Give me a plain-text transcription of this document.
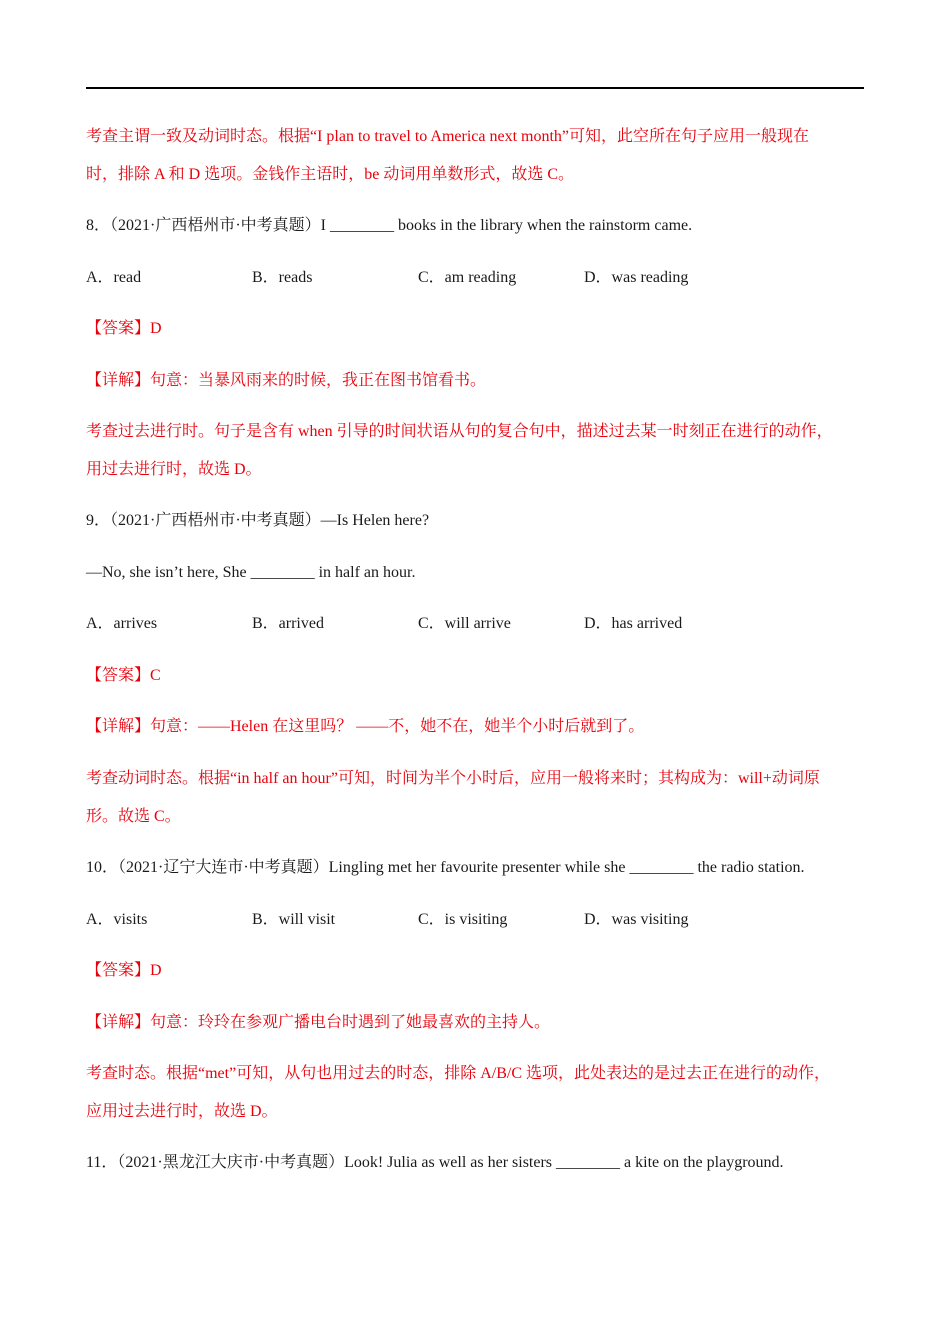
考查主谓一致及动词时态。根据“I plan to travel to America next month”可知，此空所在句子应用一般现在
时，排除 A 和 D 选项。金钱作主语时，be 动词用单数形式，故选 C。
8．（2021·广西梧州市·中考真题）I ________ books in the library when the rainstorm came.
A．read	B．reads	C．am reading	D．was reading
【答案】D
【详解】句意：当暴风雨来的时候，我正在图书馆看书。
考查过去进行时。句子是含有 when 引导的时间状语从句的复合句中，描述过去某一时刻正在进行的动作，
用过去进行时，故选 D。
9．（2021·广西梧州市·中考真题）—Is Helen here?
—No, she isn’t here, She ________ in half an hour.
A．arrives	B．arrived	C．will arrive	D．has arrived
【答案】C
【详解】句意：——Helen 在这里吗？ ——不，她不在，她半个小时后就到了。
考查动词时态。根据“in half an hour”可知，时间为半个小时后，应用一般将来时；其构成为：will+动词原
形。故选 C。
10．（2021·辽宁大连市·中考真题）Lingling met her favourite presenter while she ________ the radio station.
A．visits	B．will visit	C．is visiting	D．was visiting
【答案】D
【详解】句意：玲玲在参观广播电台时遇到了她最喜欢的主持人。
考查时态。根据“met”可知，从句也用过去的时态，排除 A/B/C 选项，此处表达的是过去正在进行的动作，
应用过去进行时，故选 D。
11．（2021·黑龙江大庆市·中考真题）Look! Julia as well as her sisters ________ a kite on the playground.
